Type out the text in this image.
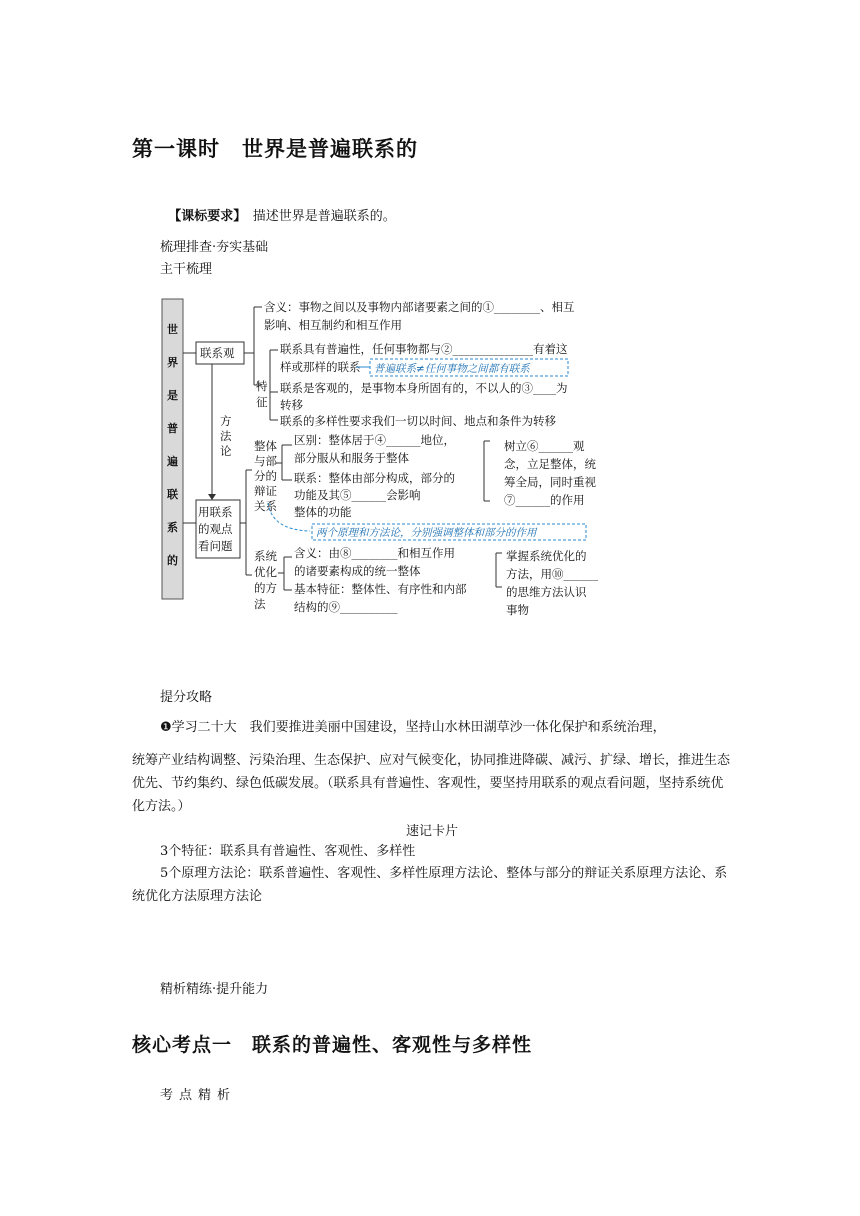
第一课时　世界是普遍联系的

【课标要求】　 描述世界是普遍联系的。

梳理排查·夯实基础
主干梳理
世
界
是
普
遍
联
系
的
联系观
用联系
的观点
看问题
方
法
论
含义：事物之间以及事物内部诸要素之间的①________、相互
影响、相互制约和相互作用
特
征
联系具有普遍性，任何事物都与②______________有着这
样或那样的联系 普遍联系≠任何事物之间都有联系
联系是客观的，是事物本身所固有的，不以人的③____为
转移
联系的多样性要求我们一切以时间、地点和条件为转移
整体
与部
分的
辩证
关系
区别：整体居于④______地位，
部分服从和服务于整体
联系：整体由部分构成，部分的
功能及其⑤______会影响
整体的功能
树立⑥______观
念，立足整体，统
筹全局，同时重视
⑦______的作用
两个原理和方法论，分别强调整体和部分的作用
系统
优化
的方
法
含义：由⑧________和相互作用
的诸要素构成的统一整体
基本特征：整体性、有序性和内部
结构的⑨__________
掌握系统优化的
方法，用⑩______
的思维方法认识
事物
提分攻略
❶学习二十大　 我们要推进美丽中国建设，坚持山水林田湖草沙一体化保护和系统治理，
统筹产业结构调整、污染治理、生态保护、应对气候变化，协同推进降碳、减污、扩绿、增长，推进生态优先、节约集约、绿色低碳发展。（联系具有普遍性、客观性，要坚持用联系的观点看问题，坚持系统优化方法。）
速记卡片
3个特征：联系具有普遍性、客观性、多样性
5个原理方法论：联系普遍性、客观性、多样性原理方法论、整体与部分的辩证关系原理方法论、系统优化方法原理方法论
精析精练·提升能力
核心考点一　联系的普遍性、客观性与多样性
考点精析
